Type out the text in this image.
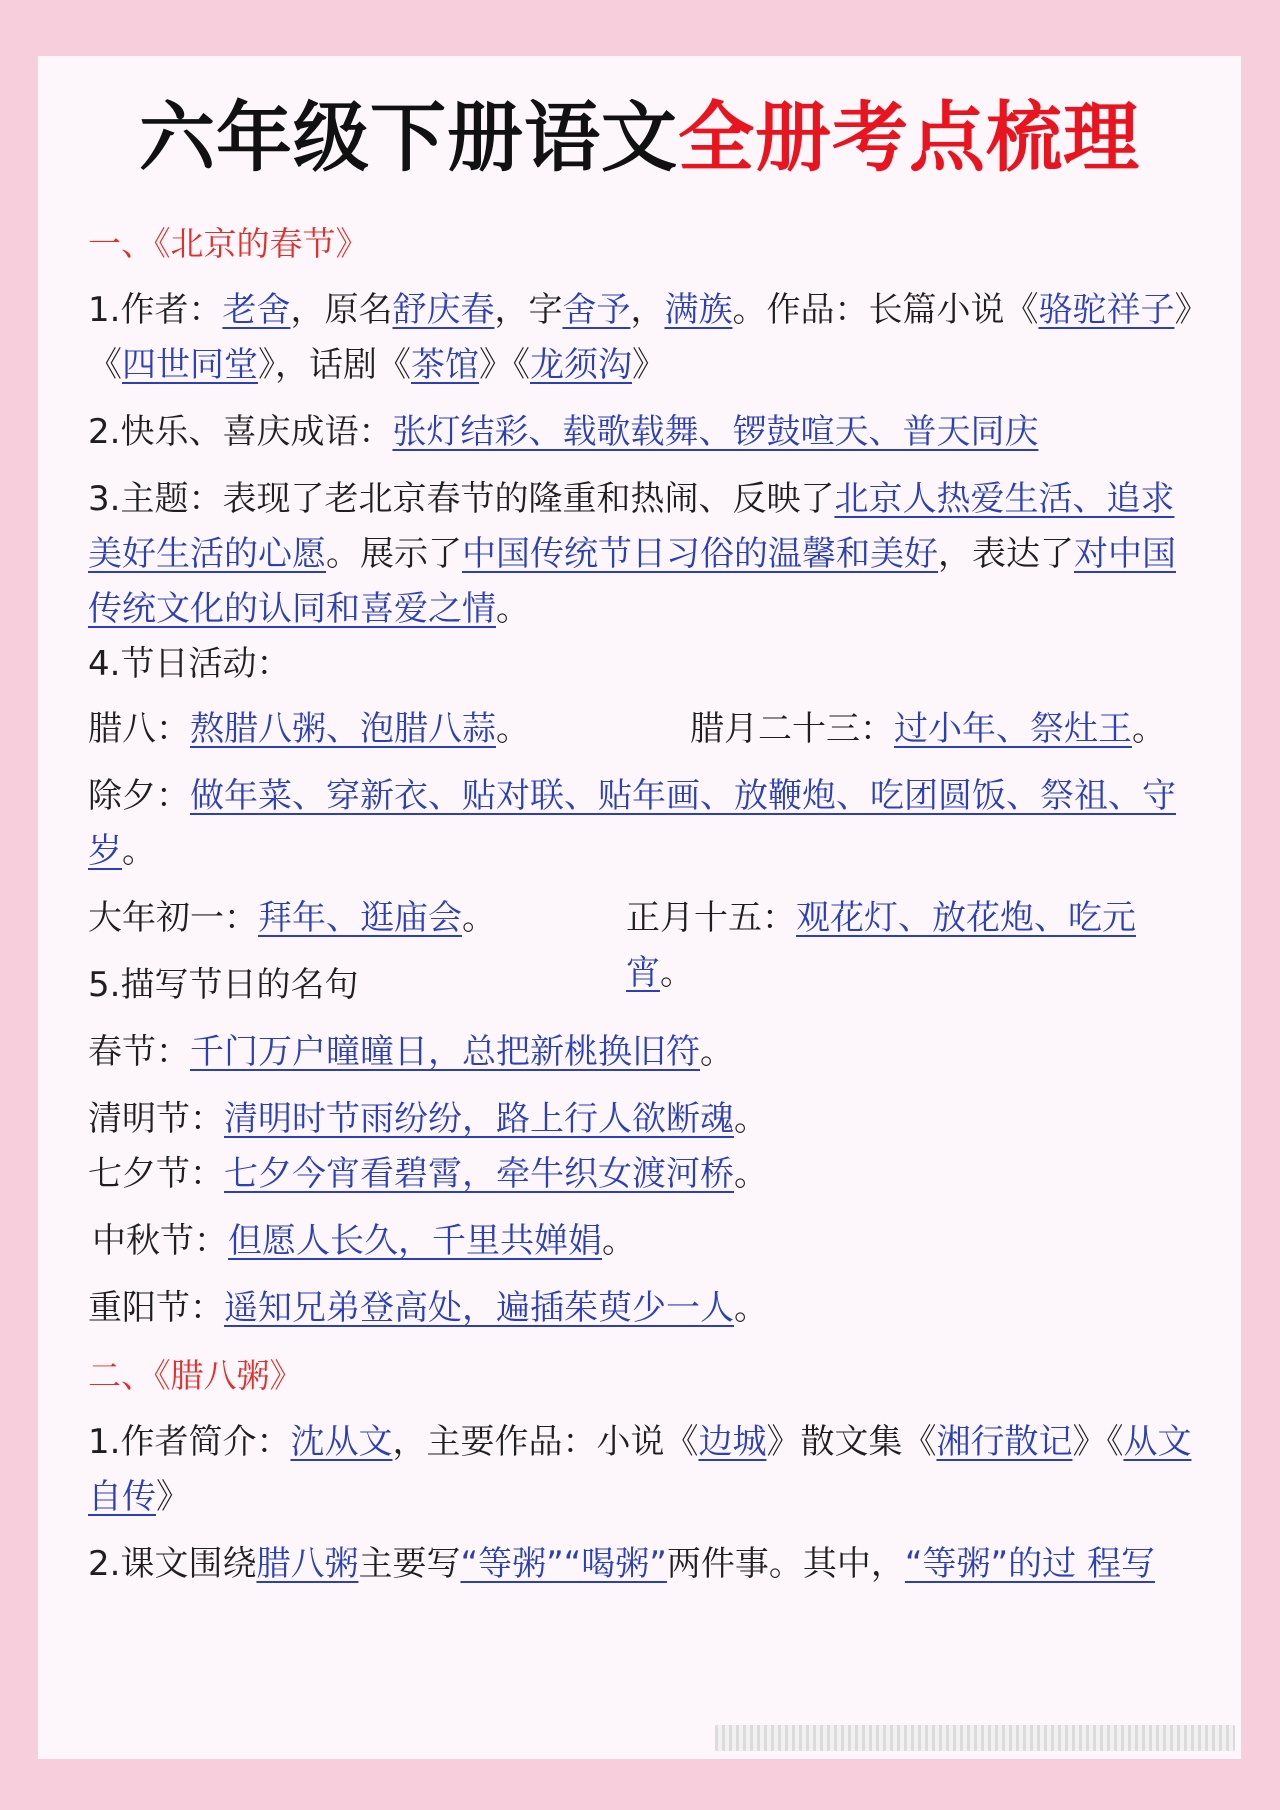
六年级下册语文全册考点梳理
一、《北京的春节》
1.作者：老舍，原名舒庆春，字舍予，满族。作品：长篇小说《骆驼祥子》《四世同堂》，话剧《茶馆》《龙须沟》
2.快乐、喜庆成语：张灯结彩、载歌载舞、锣鼓喧天、普天同庆
3.主题：表现了老北京春节的隆重和热闹、反映了北京人热爱生活、追求美好生活的心愿。展示了中国传统节日习俗的温馨和美好，表达了对中国传统文化的认同和喜爱之情。
4.节日活动：
腊八：熬腊八粥、泡腊八蒜。	腊月二十三：过小年、祭灶王。
除夕：做年菜、穿新衣、贴对联、贴年画、放鞭炮、吃团圆饭、祭祖、守岁。
大年初一：拜年、逛庙会。	正月十五：观花灯、放花炮、吃元宵。
5.描写节日的名句
春节：千门万户曈曈日，总把新桃换旧符。
清明节：清明时节雨纷纷，路上行人欲断魂。
七夕节：七夕今宵看碧霄，牵牛织女渡河桥。
中秋节：但愿人长久，千里共婵娟。
重阳节：遥知兄弟登高处，遍插茱萸少一人。
二、《腊八粥》
1.作者简介：沈从文，主要作品：小说《边城》散文集《湘行散记》《从文自传》
2.课文围绕腊八粥主要写“等粥”“喝粥”两件事。其中，“等粥”的过 程写
